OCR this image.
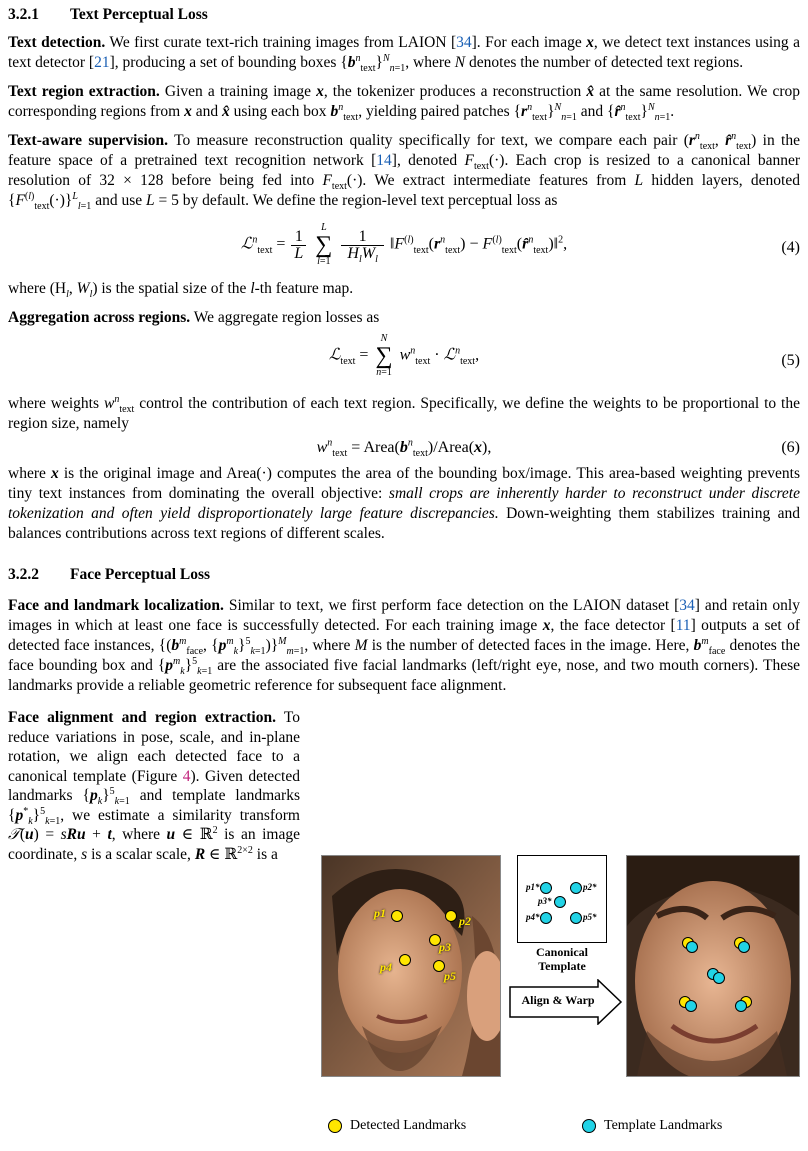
3.2.1 Text Perceptual Loss

Text detection. We first curate text-rich training images from LAION [34]. For each image x, we detect text instances using a text detector [21], producing a set of bounding boxes $\{b^n_{text}\}^N_{n=1}$, where N denotes the number of detected text regions.

Text region extraction. Given a training image x, the tokenizer produces a reconstruction x̂ at the same resolution. We crop corresponding regions from x and x̂ using each box $b^n_{text}$, yielding paired patches $\{r^n_{text}\}^N_{n=1}$ and {r̂$^n_{text}$}$^N_{n=1}$.

Text-aware supervision. To measure reconstruction quality specifically for text, we compare each pair ($r^n_{text}$, r̂$^n_{text}$) in the feature space of a pretrained text recognition network [14], denoted $F_{text}(\cdot)$. Each crop is resized to a canonical banner resolution of 32 × 128 before being fed into $F_{text}(\cdot)$. We extract intermediate features from L hidden layers, denoted $\{F^{(l)}_{text}(\cdot)\}^L_{l=1}$ and use L = 5 by default. We define the region-level text perceptual loss as

ℒ$^n_{text}$ = $\frac{1}{L}$
L
∑
$l=1 \frac{1}{H_lW_l}$ $‖F^{(l)}_{text}(r^n_{text})$ − $F^{(l)}_{text}(r̂^n_{text})‖^2$,	(4)

where ($H_l$, $W_l$) is the spatial size of the l-th feature map.

Aggregation across regions. We aggregate region losses as

ℒ$_{text}$ = N
∑
n=1 $w^n_{text}$ · ℒ$^n_{text}$,	(5)

where weights $w^n_{text}$ control the contribution of each text region. Specifically, we define the weights to be proportional to the region size, namely

$w^n_{text}$ = $Area(b^n_{text})/Area(x)$,	(6)

where x is the original image and Area(·) computes the area of the bounding box/image. This area-based weighting prevents tiny text instances from dominating the overall objective: small crops are inherently harder to reconstruct under discrete tokenization and often yield disproportionately large feature discrepancies. Down-weighting them stabilizes training and balances contributions across text regions of different scales.

3.2.2 Face Perceptual Loss

Face and landmark localization. Similar to text, we first perform face detection on the LAION dataset [34] and retain only images in which at least one face is successfully detected. For each training image x, the face detector [11] outputs a set of detected face instances, {($b^m_{face}$, $\{p^m_k\}^5_{k=1})\}^M_{m=1}$, where M is the number of detected faces in the image. Here, $b^m_{face}$ denotes the face bounding box and $\{p^m_k\}^5_{k=1}$ are the associated five facial landmarks (left/right eye, nose, and two mouth corners). These landmarks provide a reliable geometric reference for subsequent face alignment.

Face alignment and region extraction. To reduce variations in pose, scale, and in-plane rotation, we align each detected face to a canonical template (Figure 4). Given detected landmarks $\{p_k\}^5_{k=1}$ and template landmarks $\{p^*_k\}^5_{k=1}$, we estimate a similarity transform 𝒯(u) = sRu + t, where u ∈ ℝ$^2$ is an image coordinate, s is a scalar scale, R ∈ ℝ$^{2\times 2}$ is a

p1
p2
p3
p4
p5
p1*	p2*
p3*
p4*	p5*
Canonical Template
Align & Warp
Detected Landmarks	Template Landmarks
